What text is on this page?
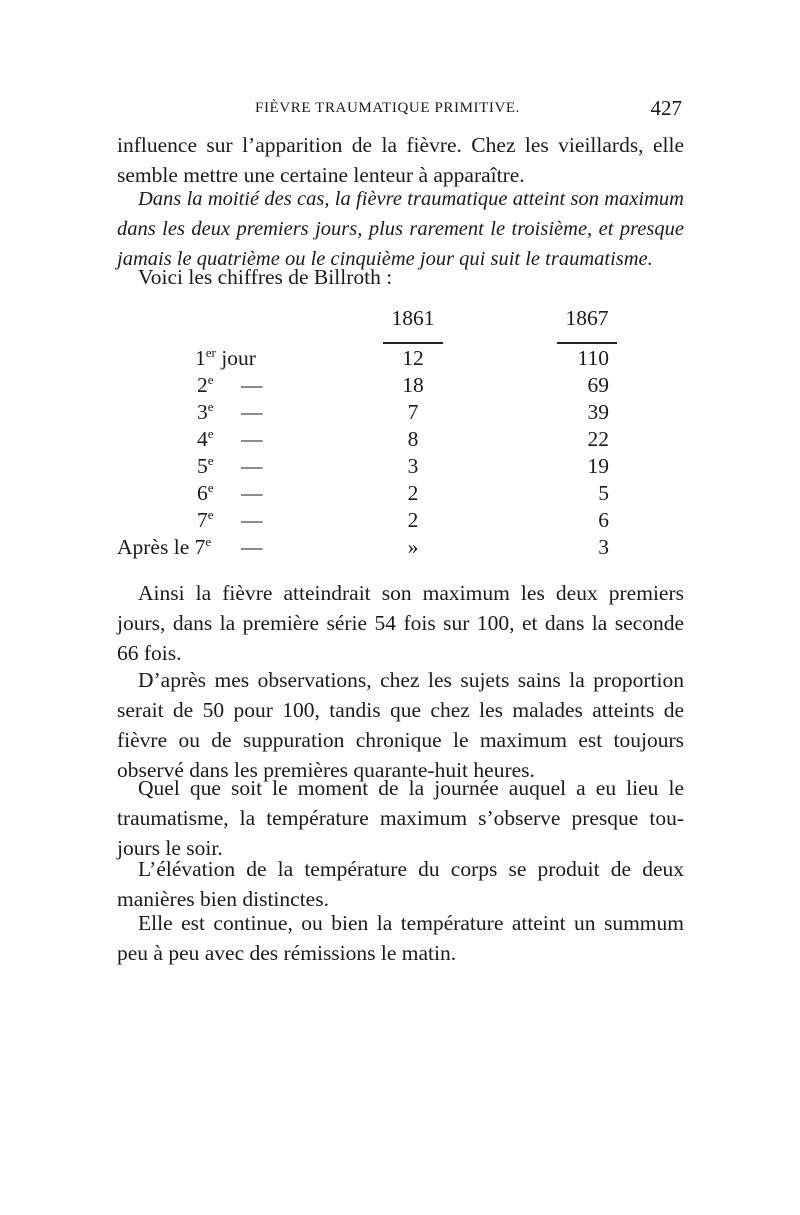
FIÈVRE TRAUMATIQUE PRIMITIVE.	427
influence sur l’apparition de la fièvre. Chez les vieillards, elle
semble mettre une certaine lenteur à apparaître.
Dans la moitié des cas, la fièvre traumatique atteint son maximum
dans les deux premiers jours, plus rarement le troisième, et presque
jamais le quatrième ou le cinquième jour qui suit le traumatisme.
Voici les chiffres de Billroth :
1861	1867
1er jour	12	110
2e —	18	69
3e —	7	39
4e —	8	22
5e —	3	19
6e —	2	5
7e —	2	6
Après le 7e —	»	3
Ainsi la fièvre atteindrait son maximum les deux premiers
jours, dans la première série 54 fois sur 100, et dans la seconde
66 fois.
D’après mes observations, chez les sujets sains la proportion
serait de 50 pour 100, tandis que chez les malades atteints de
fièvre ou de suppuration chronique le maximum est toujours
observé dans les premières quarante-huit heures.
Quel que soit le moment de la journée auquel a eu lieu le
traumatisme, la température maximum s’observe presque tou-
jours le soir.
L’élévation de la température du corps se produit de deux
manières bien distinctes.
Elle est continue, ou bien la température atteint un summum
peu à peu avec des rémissions le matin.
